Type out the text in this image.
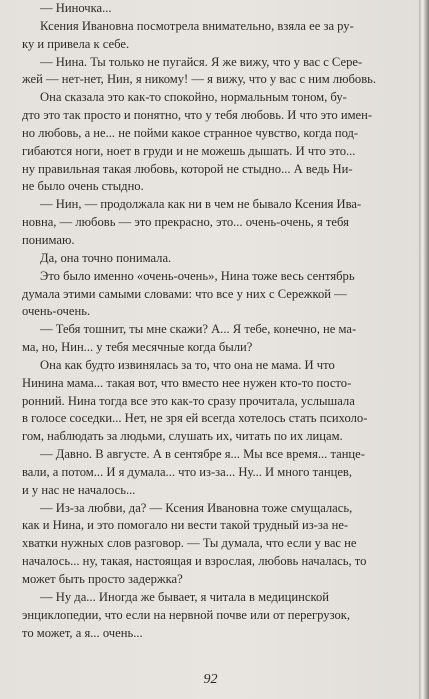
— Ниночка...
Ксения Ивановна посмотрела внимательно, взяла ее за ру-
ку и привела к себе.
— Нина. Ты только не пугайся. Я же вижу, что у вас с Сере-
жей — нет-нет, Нин, я никому! — я вижу, что у вас с ним любовь.
Она сказала это как-то спокойно, нормальным тоном, бу-
дто это так просто и понятно, что у тебя любовь. И что это имен-
но любовь, а не... не пойми какое странное чувство, когда под-
гибаются ноги, ноет в груди и не можешь дышать. И что это...
ну правильная такая любовь, которой не стыдно... А ведь Ни-
не было очень стыдно.
— Нин, — продолжала как ни в чем не бывало Ксения Ива-
новна, — любовь — это прекрасно, это... очень-очень, я тебя
понимаю.
Да, она точно понимала.
Это было именно «очень-очень», Нина тоже весь сентябрь
думала этими самыми словами: что все у них с Сережкой —
очень-очень.
— Тебя тошнит, ты мне скажи? А... Я тебе, конечно, не ма-
ма, но, Нин... у тебя месячные когда были?
Она как будто извинялась за то, что она не мама. И что
Нинина мама... такая вот, что вместо нее нужен кто-то посто-
ронний. Нина тогда все это как-то сразу прочитала, услышала
в голосе соседки... Нет, не зря ей всегда хотелось стать психоло-
гом, наблюдать за людьми, слушать их, читать по их лицам.
— Давно. В августе. А в сентябре я... Мы все время... танце-
вали, а потом... И я думала... что из-за... Ну... И много танцев,
и у нас не началось...
— Из-за любви, да? — Ксения Ивановна тоже смущалась,
как и Нина, и это помогало ни вести такой трудный из-за не-
хватки нужных слов разговор. — Ты думала, что если у вас не
началось... ну, такая, настоящая и взрослая, любовь началась, то
может быть просто задержка?
— Ну да... Иногда же бывает, я читала в медицинской
энциклопедии, что если на нервной почве или от перегрузок,
то может, а я... очень...
92
